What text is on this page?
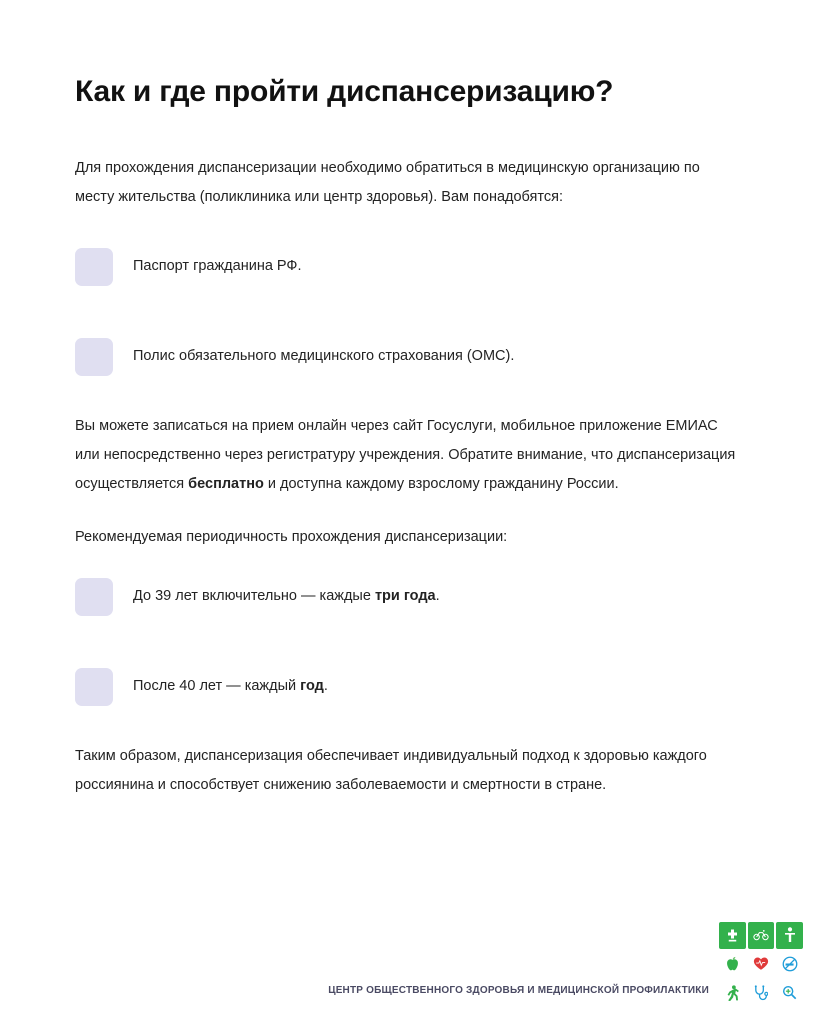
Как и где пройти диспансеризацию?

Для прохождения диспансеризации необходимо обратиться в медицинскую организацию по месту жительства (поликлиника или центр здоровья). Вам понадобятся:

Паспорт гражданина РФ.
Полис обязательного медицинского страхования (ОМС).

Вы можете записаться на прием онлайн через сайт Госуслуги, мобильное приложение ЕМИАС или непосредственно через регистратуру учреждения. Обратите внимание, что диспансеризация осуществляется бесплатно и доступна каждому взрослому гражданину России.

Рекомендуемая периодичность прохождения диспансеризации:

До 39 лет включительно — каждые три года.
После 40 лет — каждый год.

Таким образом, диспансеризация обеспечивает индивидуальный подход к здоровью каждого россиянина и способствует снижению заболеваемости и смертности в стране.

ЦЕНТР ОБЩЕСТВЕННОГО ЗДОРОВЬЯ И МЕДИЦИНСКОЙ ПРОФИЛАКТИКИ
